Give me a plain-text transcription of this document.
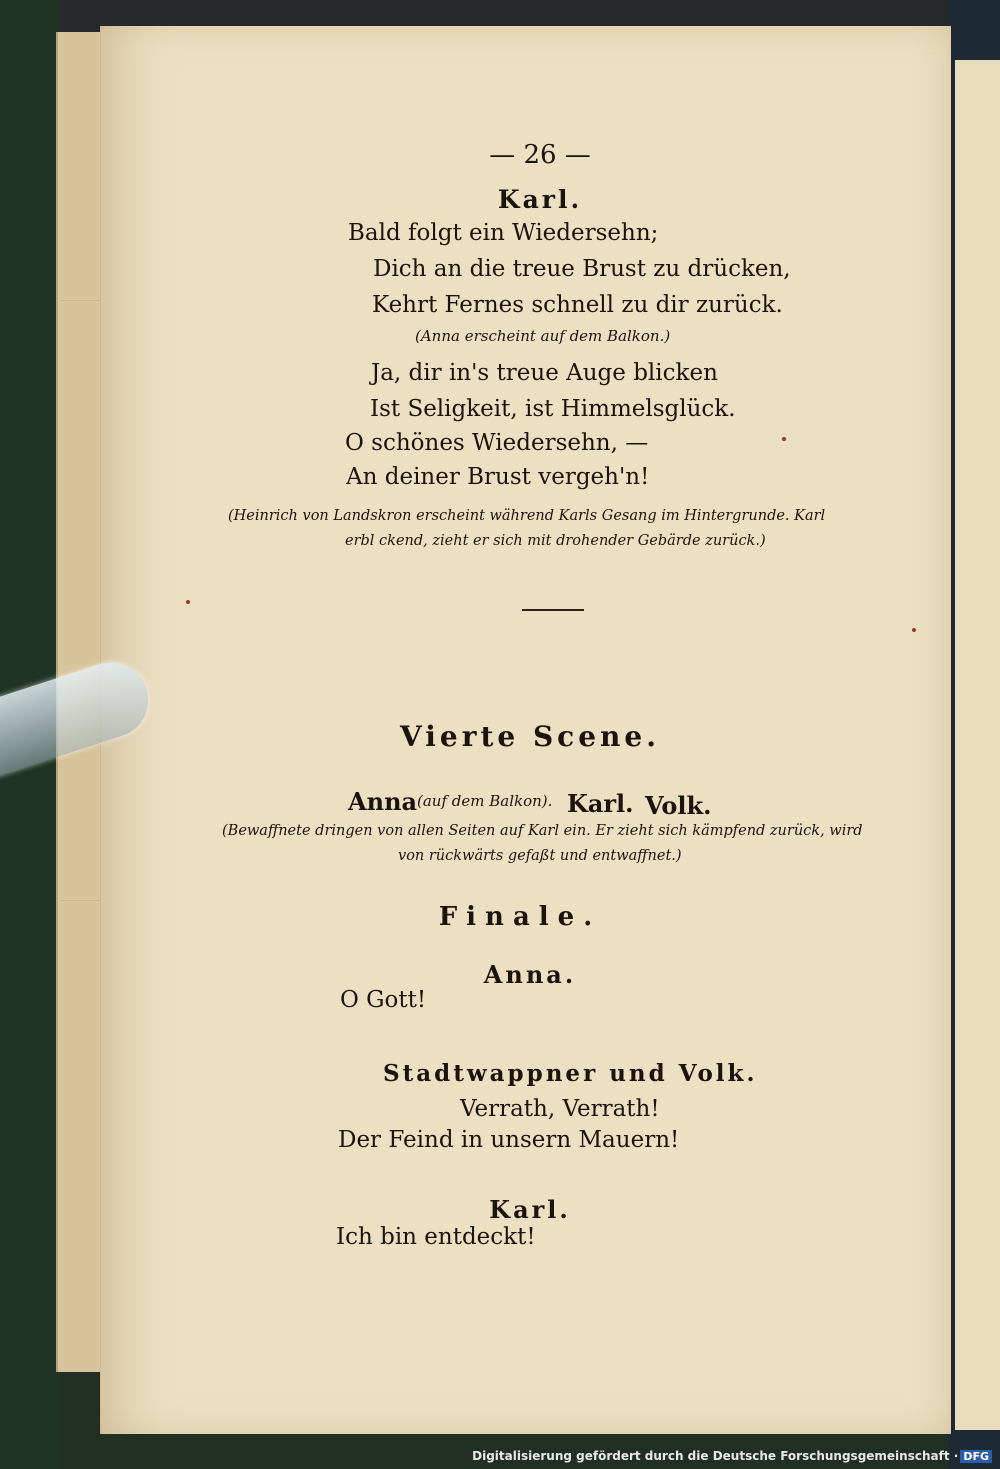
— 26 —
Karl.
Bald folgt ein Wiedersehn;
Dich an die treue Brust zu drücken,
Kehrt Fernes schnell zu dir zurück.
(Anna erscheint auf dem Balkon.)
Ja, dir in's treue Auge blicken
Ist Seligkeit, ist Himmelsglück.
O schönes Wiedersehn, —
An deiner Brust vergeh'n!
(Heinrich von Landskron erscheint während Karls Gesang im Hintergrunde. Karl
erbl ckend, zieht er sich mit drohender Gebärde zurück.)
Vierte Scene.
Anna (auf dem Balkon). Karl. Volk.
(Bewaffnete dringen von allen Seiten auf Karl ein. Er zieht sich kämpfend zurück, wird
von rückwärts gefaßt und entwaffnet.)
Finale.
Anna.
O Gott!
Stadtwappner und Volk.
Verrath, Verrath!
Der Feind in unsern Mauern!
Karl.
Ich bin entdeckt!
Digitalisierung gefördert durch die Deutsche Forschungsgemeinschaft · DFG
